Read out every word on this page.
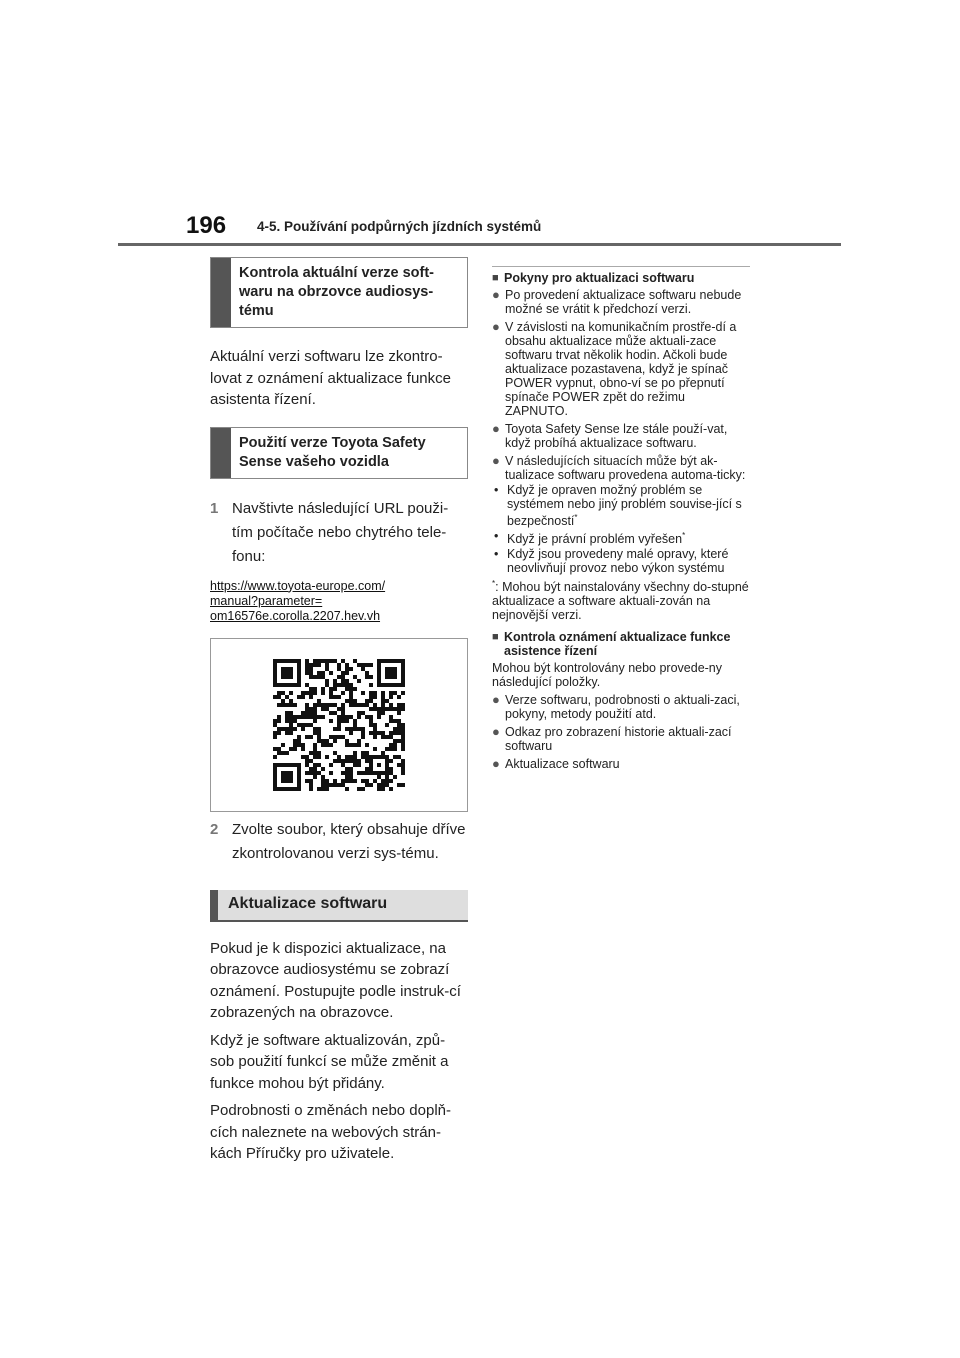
196 4-5. Používání podpůrných jízdních systémů
Kontrola aktuální verze soft-waru na obrzovce audiosys-tému

Aktuální verzi softwaru lze zkontro-lovat z oznámení aktualizace funkce asistenta řízení.

Použití verze Toyota Safety Sense vašeho vozidla
1 Navštivte následující URL použi-tím počítače nebo chytrého tele-fonu:
https://www.toyota-europe.com/
manual?parameter=
om16576e.corolla.2207.hev.vh
2 Zvolte soubor, který obsahuje dříve zkontrolovanou verzi sys-tému.
Aktualizace softwaru

Pokud je k dispozici aktualizace, na obrazovce audiosystému se zobrazí oznámení. Postupujte podle instruk-cí zobrazených na obrazovce.

Když je software aktualizován, způ-sob použití funkcí se může změnit a funkce mohou být přidány.

Podrobnosti o změnách nebo doplň-cích naleznete na webových strán-kách Příručky pro uživatele.

■ Pokyny pro aktualizaci softwaru
● Po provedení aktualizace softwaru nebude možné se vrátit k předchozí verzi.
● V závislosti na komunikačním prostře-dí a obsahu aktualizace může aktuali-zace softwaru trvat několik hodin. Ačkoli bude aktualizace pozastavena, když je spínač POWER vypnut, obno-ví se po přepnutí spínače POWER zpět do režimu ZAPNUTO.
● Toyota Safety Sense lze stále použí-vat, když probíhá aktualizace softwaru.
● V následujících situacích může být ak-tualizace softwaru provedena automa-ticky:
• Když je opraven možný problém se systémem nebo jiný problém souvise-jící s bezpečností*
• Když je právní problém vyřešen*
• Když jsou provedeny malé opravy, které neovlivňují provoz nebo výkon systému
*: Mohou být nainstalovány všechny do-stupné aktualizace a software aktuali-zován na nejnovější verzi.
■ Kontrola oznámení aktualizace funkce asistence řízení
Mohou být kontrolovány nebo provede-ny následující položky.
● Verze softwaru, podrobnosti o aktuali-zaci, pokyny, metody použití atd.
● Odkaz pro zobrazení historie aktuali-zací softwaru
● Aktualizace softwaru
